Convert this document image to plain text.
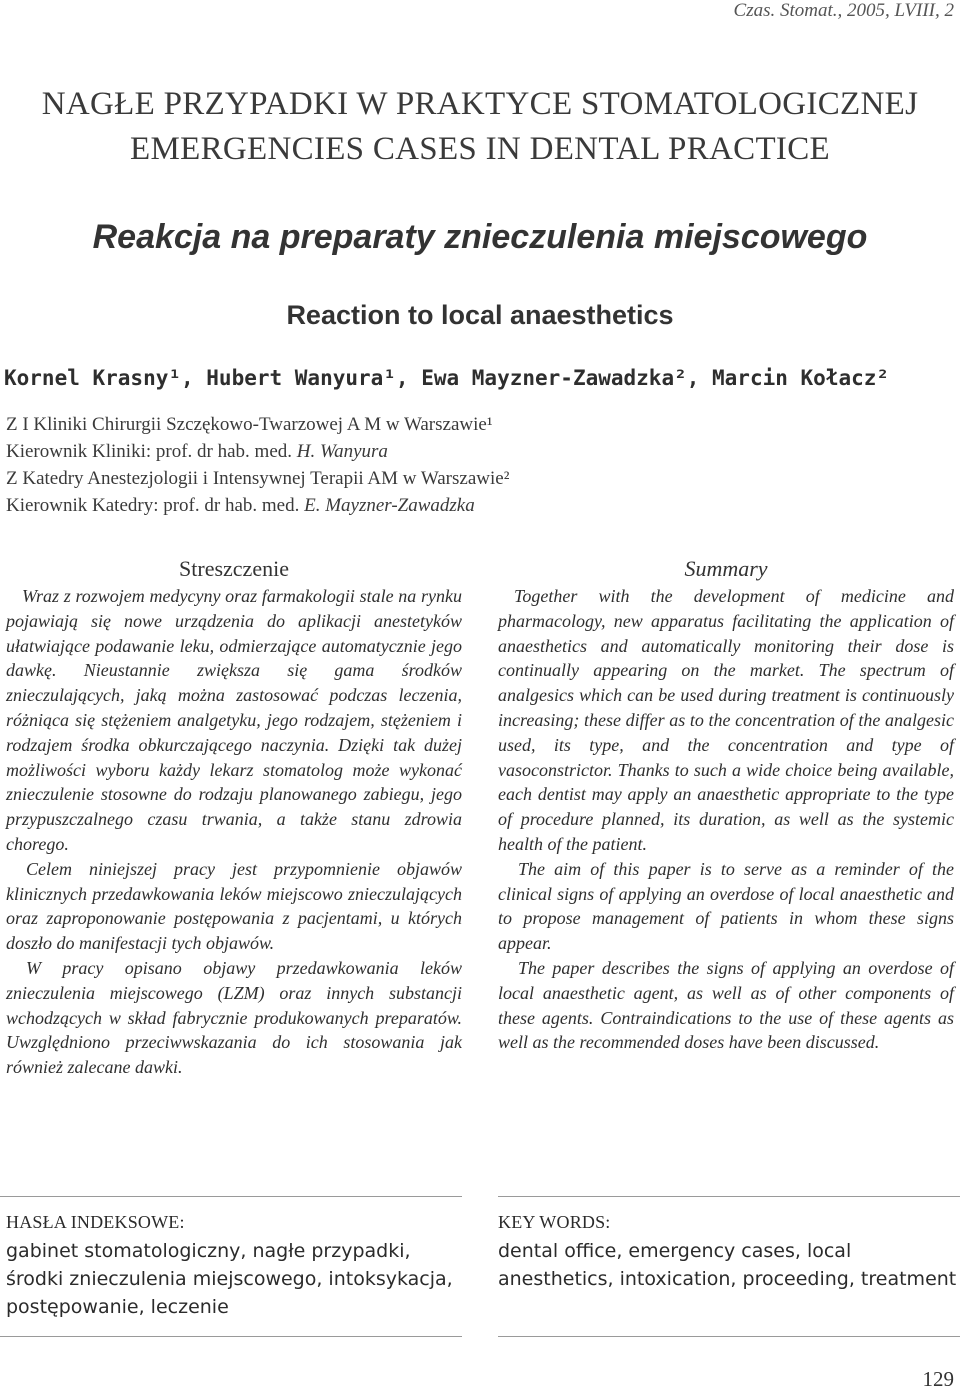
Czas. Stomat., 2005, LVIII, 2
NAGŁE PRZYPADKI W PRAKTYCE STOMATOLOGICZNEJ
EMERGENCIES CASES IN DENTAL PRACTICE
Reakcja na preparaty znieczulenia miejscowego
Reaction to local anaesthetics
Kornel Krasny¹, Hubert Wanyura¹, Ewa Mayzner-Zawadzka², Marcin Kołacz²
Z I Kliniki Chirurgii Szczękowo-Twarzowej A M w Warszawie¹
Kierownik Kliniki: prof. dr hab. med. H. Wanyura
Z Katedry Anestezjologii i Intensywnej Terapii AM w Warszawie²
Kierownik Katedry: prof. dr hab. med. E. Mayzner-Zawadzka
Streszczenie

Wraz z rozwojem medycyny oraz farmakologii stale na rynku pojawiają się nowe urządzenia do aplikacji anestetyków ułatwiające podawanie leku, odmierzające automatycznie jego dawkę. Nieustannie zwiększa się gama środków znieczulających, jaką można zastosować podczas leczenia, różniąca się stężeniem analgetyku, jego rodzajem, stężeniem i rodzajem środka obkurczającego naczynia. Dzięki tak dużej możliwości wyboru każdy lekarz stomatolog może wykonać znieczulenie stosowne do rodzaju planowanego zabiegu, jego przypuszczalnego czasu trwania, a także stanu zdrowia chorego.

Celem niniejszej pracy jest przypomnienie objawów klinicznych przedawkowania leków miejscowo znieczulających oraz zaproponowanie postępowania z pacjentami, u których doszło do manifestacji tych objawów.

W pracy opisano objawy przedawkowania leków znieczulenia miejscowego (LZM) oraz innych substancji wchodzących w skład fabrycznie produkowanych preparatów. Uwzględniono przeciwwskazania do ich stosowania jak również zalecane dawki.

Summary

Together with the development of medicine and pharmacology, new apparatus facilitating the application of anaesthetics and automatically monitoring their dose is continually appearing on the market. The spectrum of analgesics which can be used during treatment is continuously increasing; these differ as to the concentration of the analgesic used, its type, and the concentration and type of vasoconstrictor. Thanks to such a wide choice being available, each dentist may apply an anaesthetic appropriate to the type of procedure planned, its duration, as well as the systemic health of the patient.

The aim of this paper is to serve as a reminder of the clinical signs of applying an overdose of local anaesthetic and to propose management of patients in whom these signs appear.

The paper describes the signs of applying an overdose of local anaesthetic agent, as well as of other components of these agents. Contraindications to the use of these agents as well as the recommended doses have been discussed.

HASŁA INDEKSOWE:
gabinet stomatologiczny, nagłe przypadki, środki znieczulenia miejscowego, intoksykacja, postępowanie, leczenie
KEY WORDS:
dental office, emergency cases, local anesthetics, intoxication, proceeding, treatment
129
